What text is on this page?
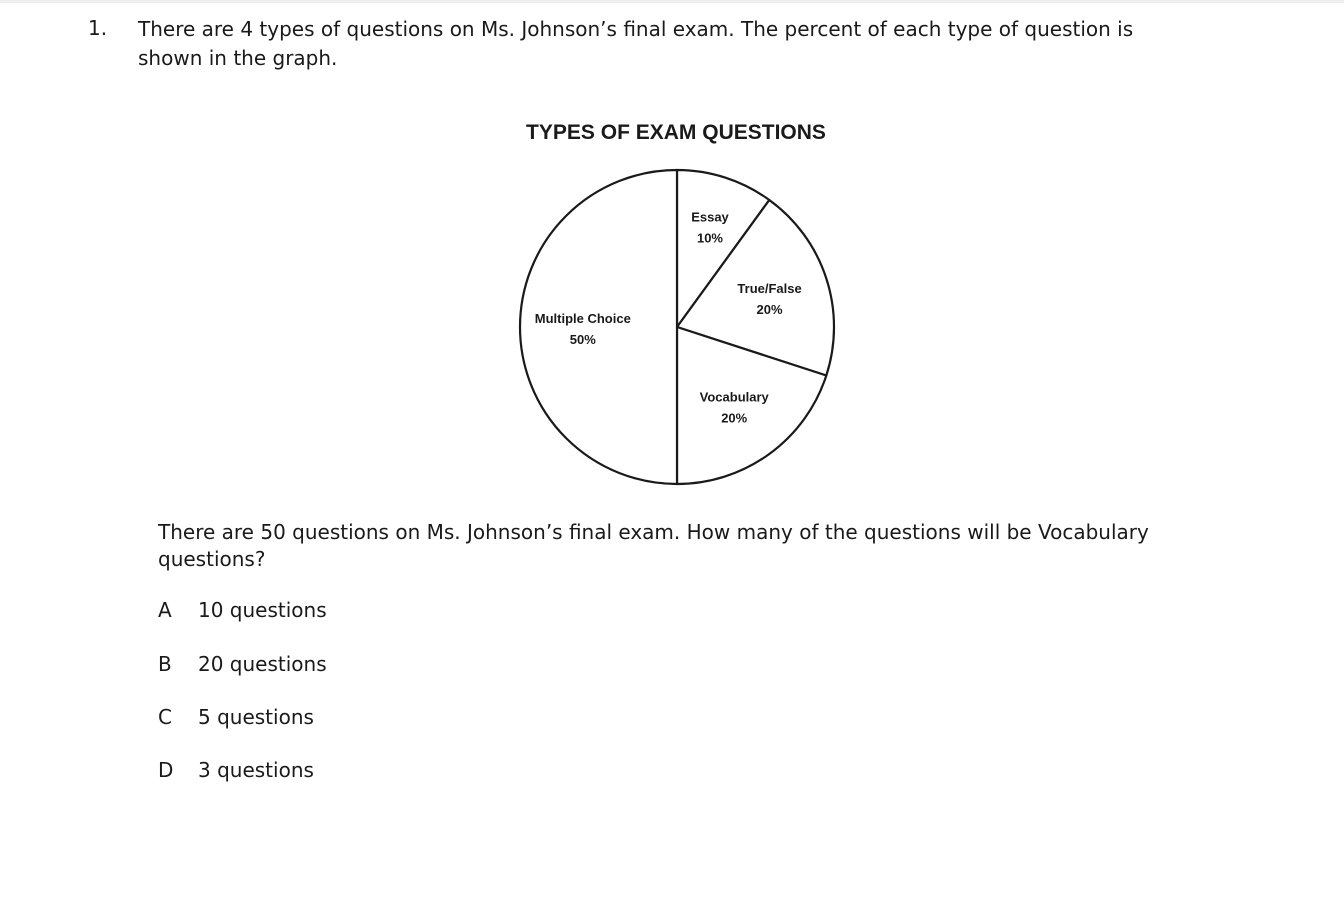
1. There are 4 types of questions on Ms. Johnson’s final exam. The percent of each type of question is shown in the graph.
TYPES OF EXAM QUESTIONS
Essay
10%
True/False
20%
Vocabulary
20%
Multiple Choice
50%
There are 50 questions on Ms. Johnson’s final exam. How many of the questions will be Vocabulary questions?
A 10 questions
B 20 questions
C 5 questions
D 3 questions
